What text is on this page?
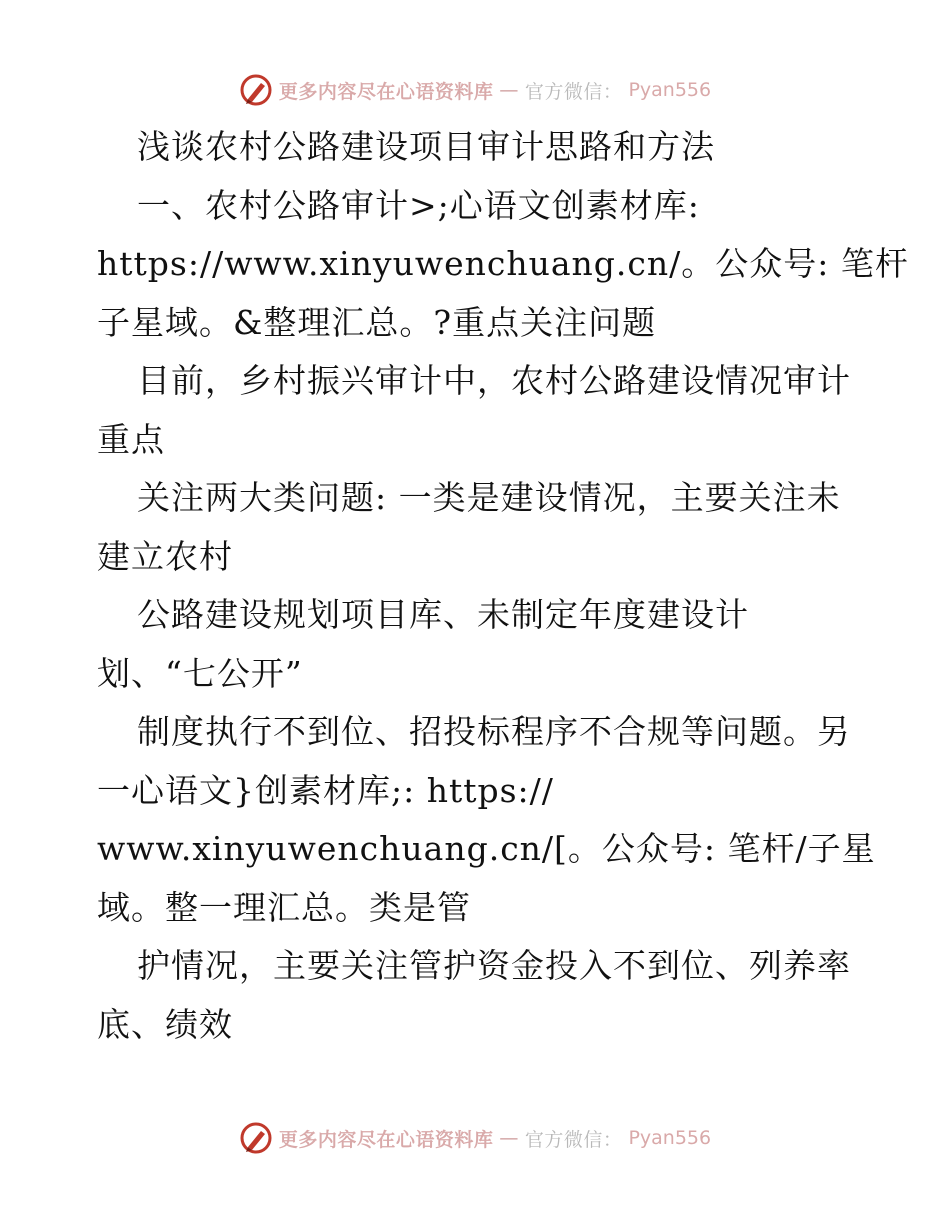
更多内容尽在心语资料库 — 官方微信： Pyan556
浅谈农村公路建设项目审计思路和方法
一、农村公路审计>;心语文创素材库:
https://www.xinyuwenchuang.cn/。公众号: 笔杆
子星域。&整理汇总。?重点关注问题
目前，乡村振兴审计中，农村公路建设情况审计
重点
关注两大类问题: 一类是建设情况，主要关注未
建立农村
公路建设规划项目库、未制定年度建设计
划、“七公开”
制度执行不到位、招投标程序不合规等问题。另
一心语文}创素材库;: https://
www.xinyuwenchuang.cn/[。公众号: 笔杆/子星
域。整一理汇总。类是管
护情况，主要关注管护资金投入不到位、列养率
底、绩效
更多内容尽在心语资料库 — 官方微信： Pyan556
